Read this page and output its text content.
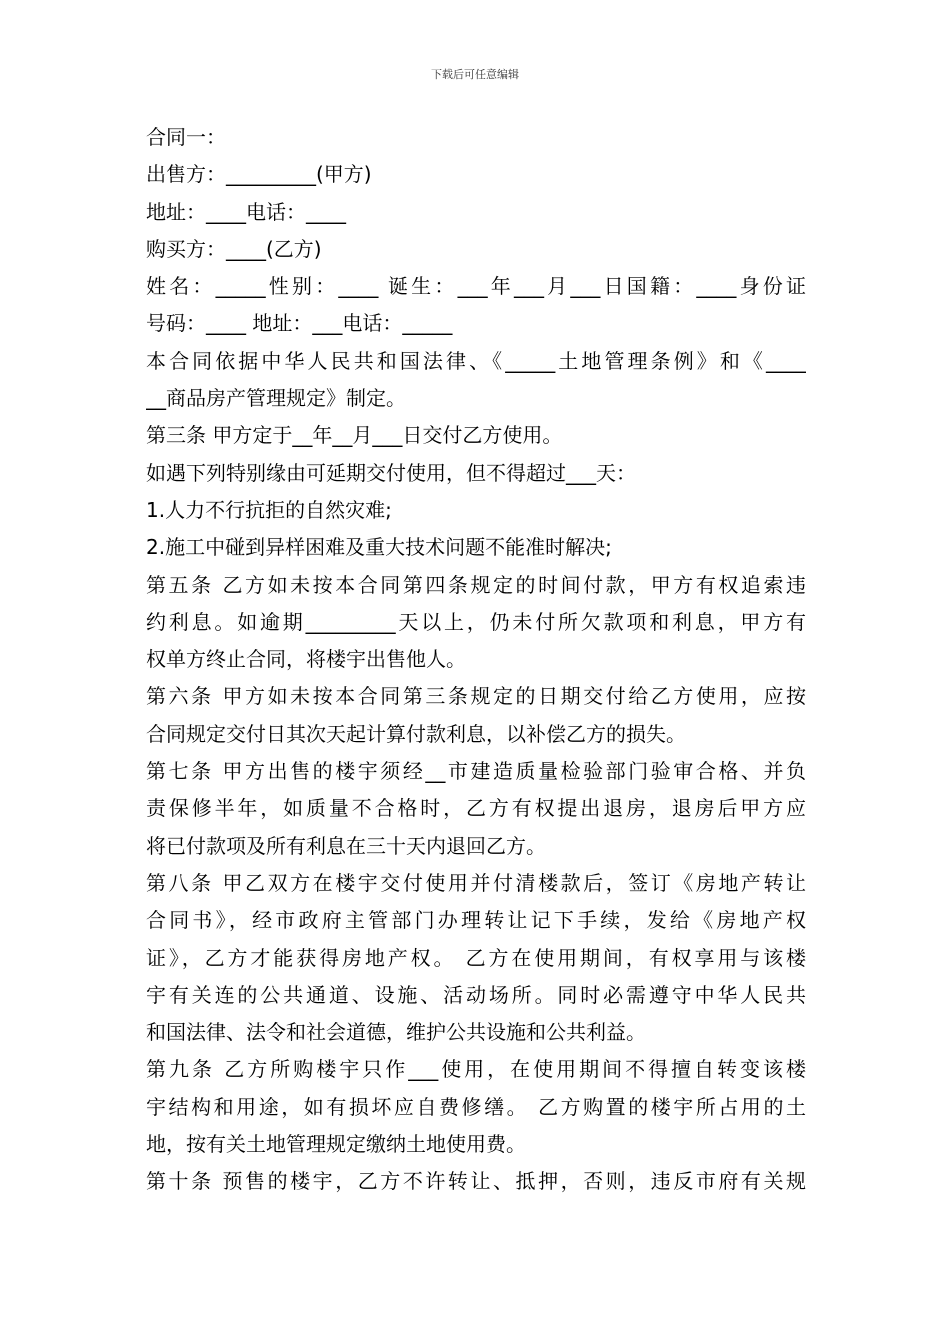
下载后可任意编辑
合同一：
出售方：_________(甲方)
地址：____电话：____
购买方：____(乙方)
姓名：_____性别：____ 诞生：___年___月___日国籍：____身份证
号码：____ 地址：___电话：_____
本合同依据中华人民共和国法律、《_____土地管理条例》和《____
__商品房产管理规定》制定。
第三条 甲方定于__年__月___日交付乙方使用。
如遇下列特别缘由可延期交付使用，但不得超过___天：
1.人力不行抗拒的自然灾难;
2.施工中碰到异样困难及重大技术问题不能准时解决;
第五条 乙方如未按本合同第四条规定的时间付款，甲方有权追索违
约利息。如逾期_________天以上，仍未付所欠款项和利息，甲方有
权单方终止合同，将楼宇出售他人。
第六条 甲方如未按本合同第三条规定的日期交付给乙方使用，应按
合同规定交付日其次天起计算付款利息，以补偿乙方的损失。
第七条 甲方出售的楼宇须经__市建造质量检验部门验审合格、并负
责保修半年，如质量不合格时，乙方有权提出退房，退房后甲方应
将已付款项及所有利息在三十天内退回乙方。
第八条 甲乙双方在楼宇交付使用并付清楼款后，签订《房地产转让
合同书》，经市政府主管部门办理转让记下手续，发给《房地产权
证》，乙方才能获得房地产权。 乙方在使用期间，有权享用与该楼
宇有关连的公共通道、设施、活动场所。同时必需遵守中华人民共
和国法律、法令和社会道德，维护公共设施和公共利益。
第九条 乙方所购楼宇只作___使用，在使用期间不得擅自转变该楼
宇结构和用途，如有损坏应自费修缮。 乙方购置的楼宇所占用的土
地，按有关土地管理规定缴纳土地使用费。
第十条 预售的楼宇，乙方不许转让、抵押，否则，违反市府有关规
